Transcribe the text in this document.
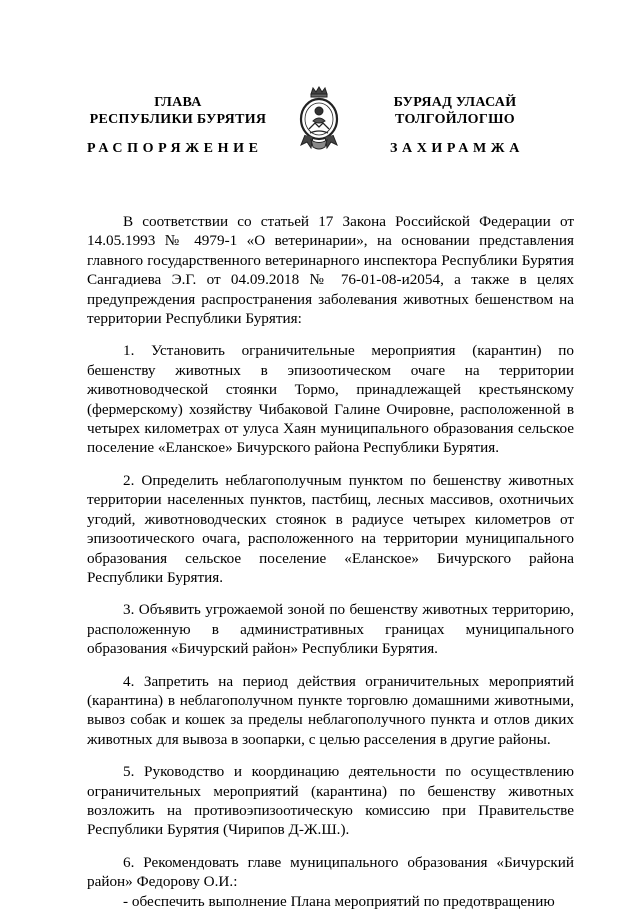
ГЛАВА
РЕСПУБЛИКИ БУРЯТИЯ
БУРЯАД УЛАСАЙ
ТОЛГОЙЛОГШО
РАСПОРЯЖЕНИЕ	ЗАХИРАМЖА

В соответствии со статьей 17 Закона Российской Федерации от 14.05.1993 № 4979-1 «О ветеринарии», на основании представления главного государственного ветеринарного инспектора Республики Бурятия Сангадиева Э.Г. от 04.09.2018 № 76-01-08-и2054, а также в целях предупреждения распространения заболевания животных бешенством на территории Республики Бурятия:

1. Установить ограничительные мероприятия (карантин) по бешенству животных в эпизоотическом очаге на территории животноводческой стоянки Тормо, принадлежащей крестьянскому (фермерскому) хозяйству Чибаковой Галине Очировне, расположенной в четырех километрах от улуса Хаян муниципального образования сельское поселение «Еланское» Бичурского района Республики Бурятия.

2. Определить неблагополучным пунктом по бешенству животных территории населенных пунктов, пастбищ, лесных массивов, охотничьих угодий, животноводческих стоянок в радиусе четырех километров от эпизоотического очага, расположенного на территории муниципального образования сельское поселение «Еланское» Бичурского района Республики Бурятия.

3. Объявить угрожаемой зоной по бешенству животных территорию, расположенную в административных границах муниципального образования «Бичурский район» Республики Бурятия.

4. Запретить на период действия ограничительных мероприятий (карантина) в неблагополучном пункте торговлю домашними животными, вывоз собак и кошек за пределы неблагополучного пункта и отлов диких животных для вывоза в зоопарки, с целью расселения в другие районы.

5. Руководство и координацию деятельности по осуществлению ограничительных мероприятий (карантина) по бешенству животных возложить на противоэпизоотическую комиссию при Правительстве Республики Бурятия (Чирипов Д-Ж.Ш.).

6. Рекомендовать главе муниципального образования «Бичурский район» Федорову О.И.:

- обеспечить выполнение Плана мероприятий по предотвращению
